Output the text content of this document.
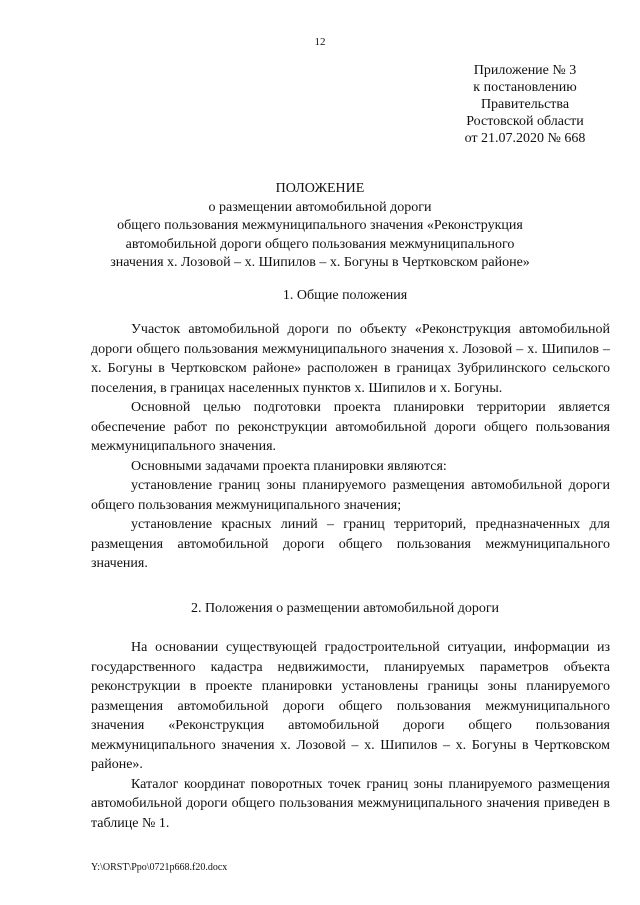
12
Приложение № 3
к постановлению
Правительства
Ростовской области
от 21.07.2020 № 668
ПОЛОЖЕНИЕ
о размещении автомобильной дороги
общего пользования межмуниципального значения «Реконструкция
автомобильной дороги общего пользования межмуниципального
значения х. Лозовой – х. Шипилов – х. Богуны в Чертковском районе»
1. Общие положения

Участок автомобильной дороги по объекту «Реконструкция автомобильной дороги общего пользования межмуниципального значения х. Лозовой – х. Шипилов – х. Богуны в Чертковском районе» расположен в границах Зубрилинского сельского поселения, в границах населенных пунктов х. Шипилов и х. Богуны.

Основной целью подготовки проекта планировки территории является обеспечение работ по реконструкции автомобильной дороги общего пользования межмуниципального значения.

Основными задачами проекта планировки являются:

установление границ зоны планируемого размещения автомобильной дороги общего пользования межмуниципального значения;

установление красных линий – границ территорий, предназначенных для размещения автомобильной дороги общего пользования межмуниципального значения.

2. Положения о размещении автомобильной дороги

На основании существующей градостроительной ситуации, информации из государственного кадастра недвижимости, планируемых параметров объекта реконструкции в проекте планировки установлены границы зоны планируемого размещения автомобильной дороги общего пользования межмуниципального значения «Реконструкция автомобильной дороги общего пользования межмуниципального значения х. Лозовой – х. Шипилов – х. Богуны в Чертковском районе».

Каталог координат поворотных точек границ зоны планируемого размещения автомобильной дороги общего пользования межмуниципального значения приведен в таблице № 1.

Y:\ORST\Ppo\0721p668.f20.docx
